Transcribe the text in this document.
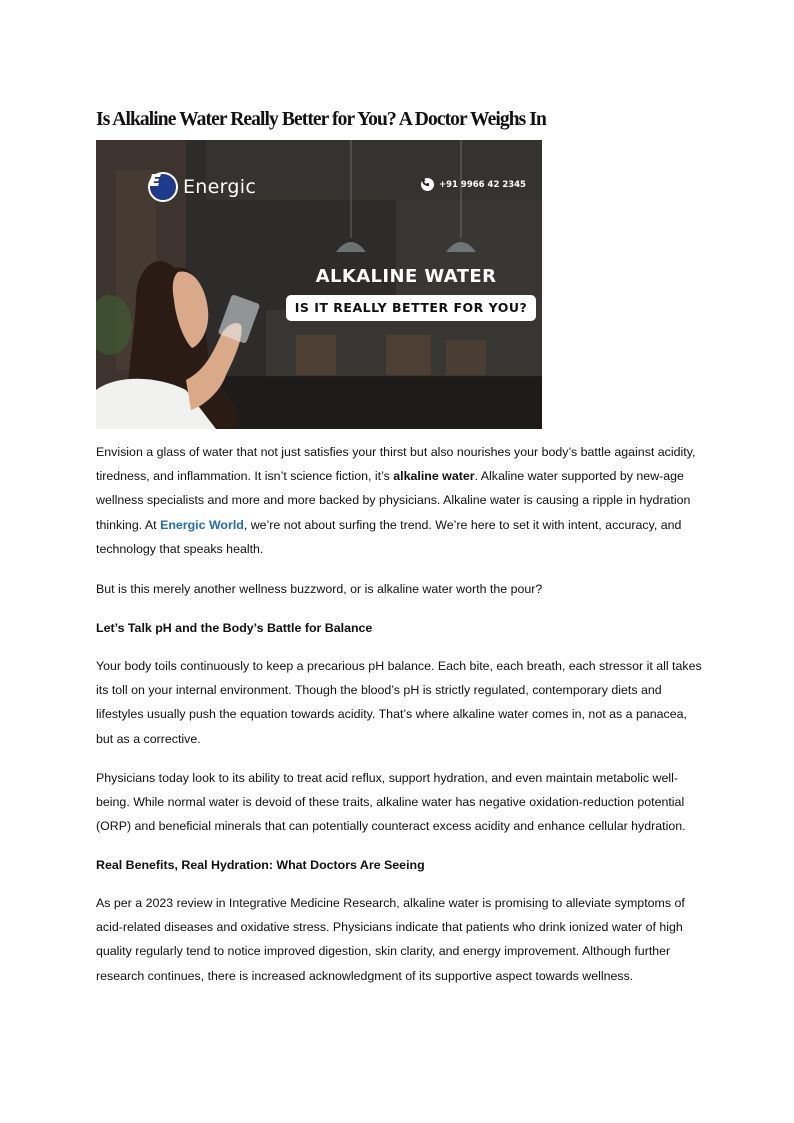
Is Alkaline Water Really Better for You? A Doctor Weighs In
Energic	+91 9966 42 2345
ALKALINE WATER
IS IT REALLY BETTER FOR YOU?

Envision a glass of water that not just satisfies your thirst but also nourishes your body’s battle against acidity, tiredness, and inflammation. It isn’t science fiction, it’s alkaline water. Alkaline water supported by new-age wellness specialists and more and more backed by physicians. Alkaline water is causing a ripple in hydration thinking. At Energic World, we’re not about surfing the trend. We’re here to set it with intent, accuracy, and technology that speaks health.

But is this merely another wellness buzzword, or is alkaline water worth the pour?

Let’s Talk pH and the Body’s Battle for Balance

Your body toils continuously to keep a precarious pH balance. Each bite, each breath, each stressor it all takes its toll on your internal environment. Though the blood’s pH is strictly regulated, contemporary diets and lifestyles usually push the equation towards acidity. That’s where alkaline water comes in, not as a panacea, but as a corrective.

Physicians today look to its ability to treat acid reflux, support hydration, and even maintain metabolic well-being. While normal water is devoid of these traits, alkaline water has negative oxidation-reduction potential (ORP) and beneficial minerals that can potentially counteract excess acidity and enhance cellular hydration.

Real Benefits, Real Hydration: What Doctors Are Seeing

As per a 2023 review in Integrative Medicine Research, alkaline water is promising to alleviate symptoms of acid-related diseases and oxidative stress. Physicians indicate that patients who drink ionized water of high quality regularly tend to notice improved digestion, skin clarity, and energy improvement. Although further research continues, there is increased acknowledgment of its supportive aspect towards wellness.
